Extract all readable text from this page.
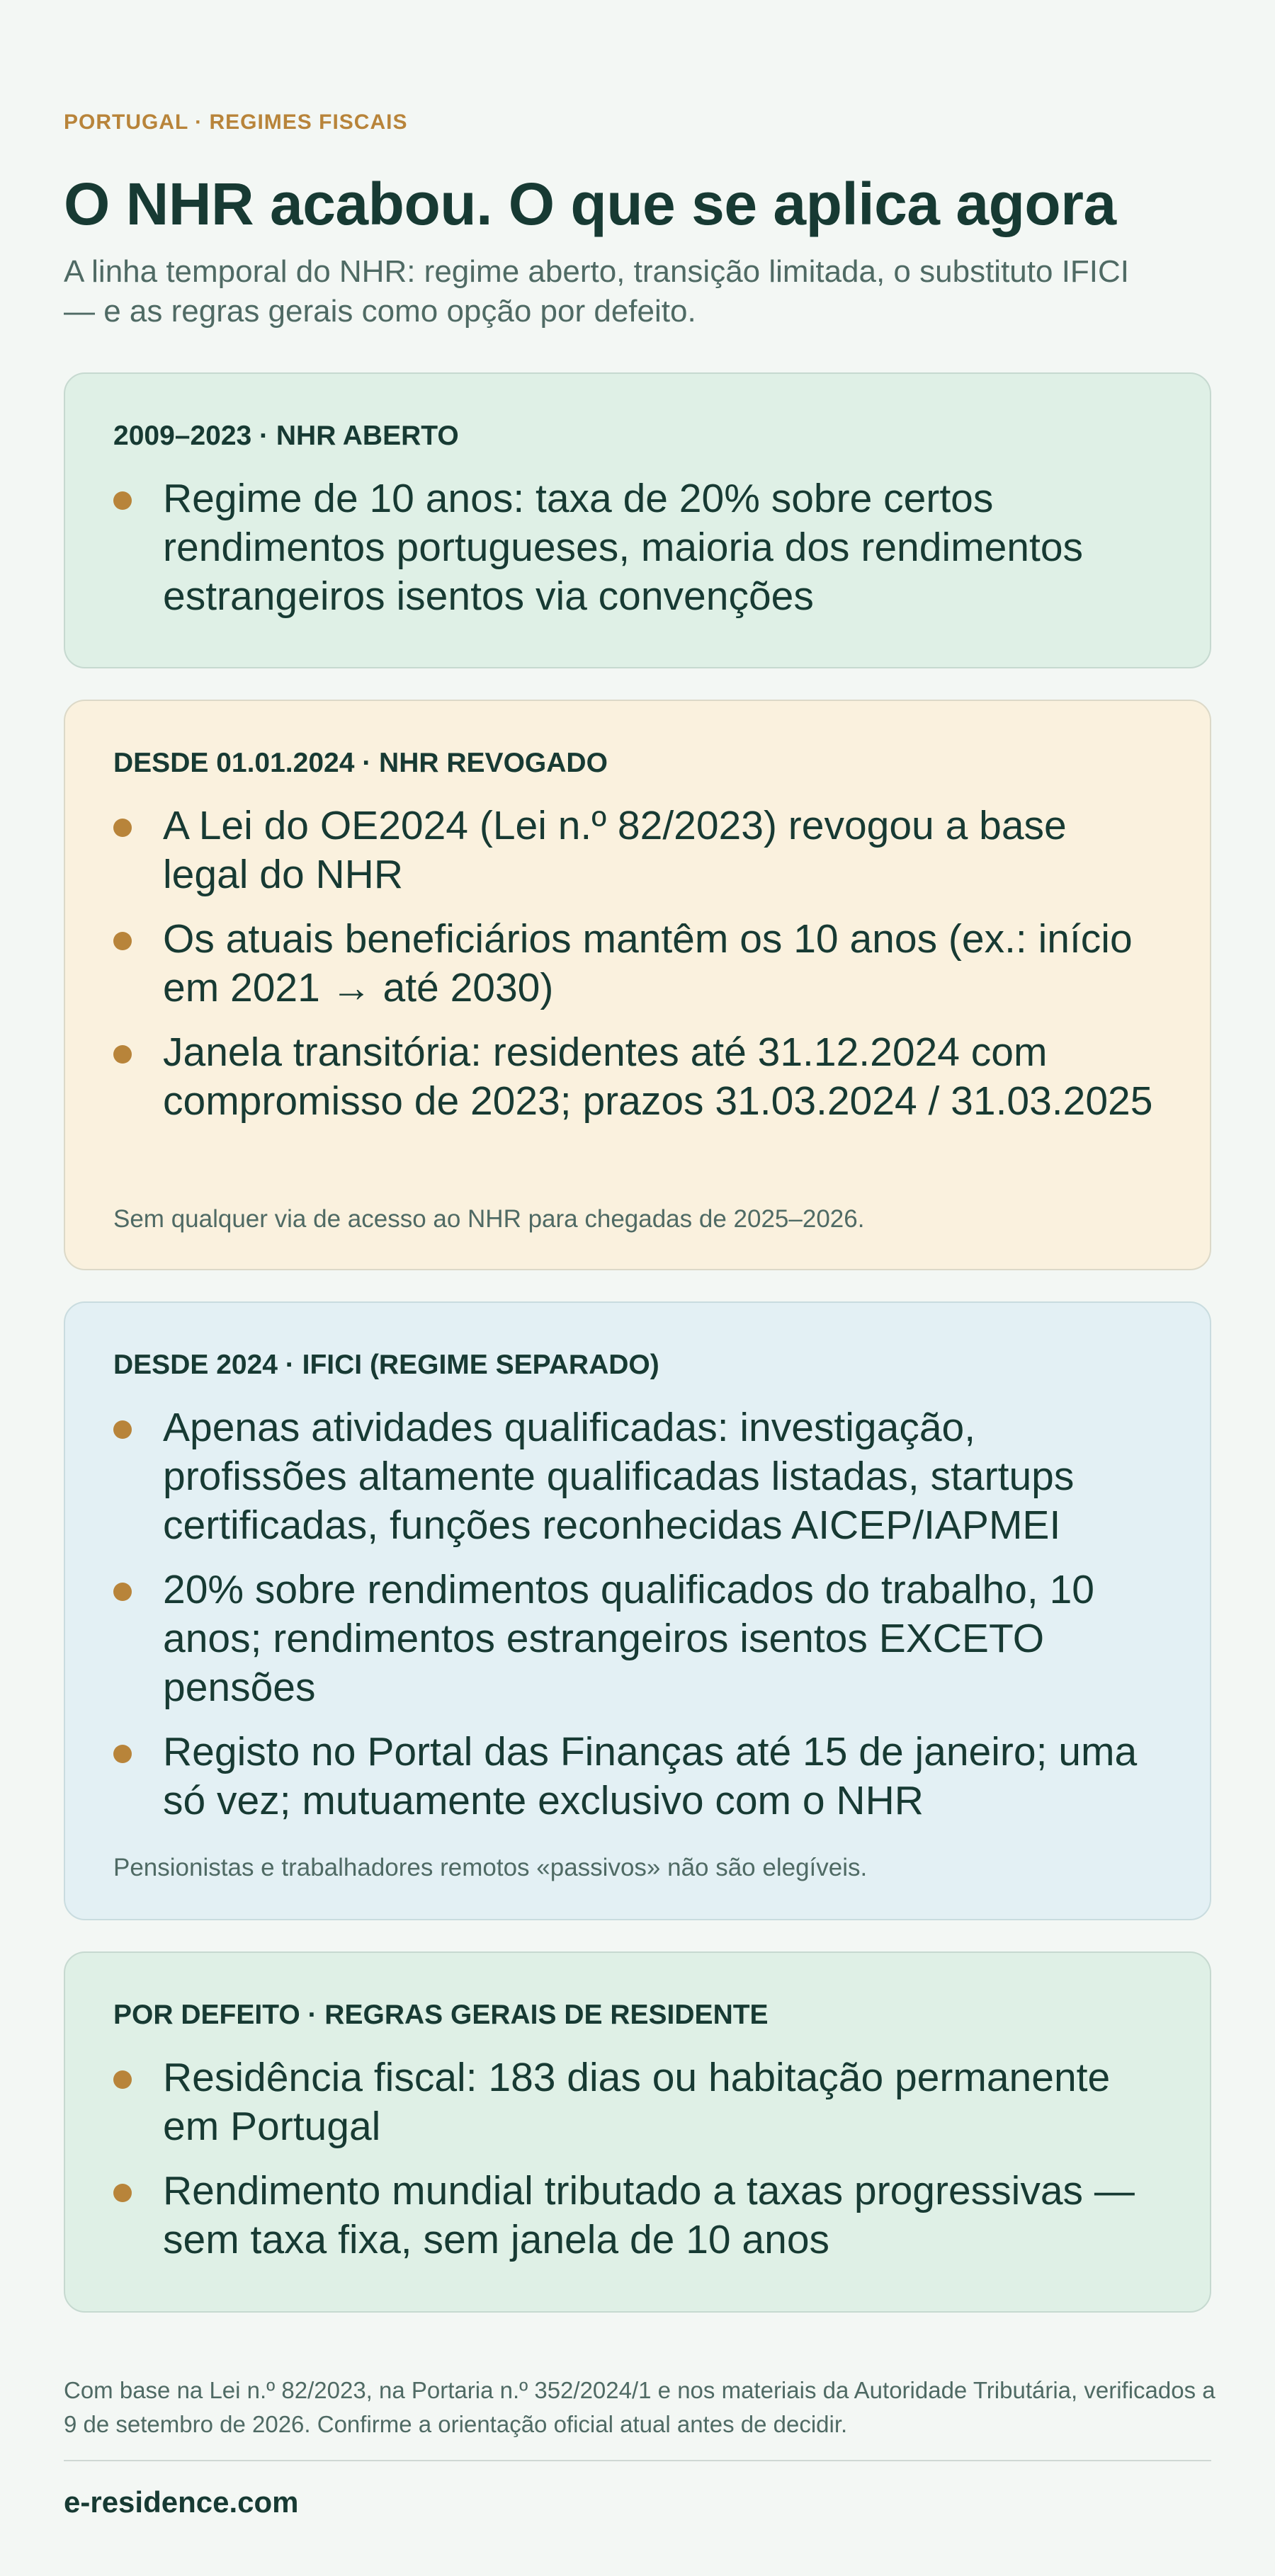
PORTUGAL · REGIMES FISCAIS
O NHR acabou. O que se aplica agora

A linha temporal do NHR: regime aberto, transição limitada, o substituto IFICI — e as regras gerais como opção por defeito.

2009–2023 · NHR ABERTO
Regime de 10 anos: taxa de 20% sobre certos rendimentos portugueses, maioria dos rendimentos estrangeiros isentos via convenções
DESDE 01.01.2024 · NHR REVOGADO
A Lei do OE2024 (Lei n.º 82/2023) revogou a base legal do NHR
Os atuais beneficiários mantêm os 10 anos (ex.: início em 2021 → até 2030)
Janela transitória: residentes até 31.12.2024 com compromisso de 2023; prazos 31.03.2024 / 31.03.2025
Sem qualquer via de acesso ao NHR para chegadas de 2025–2026.
DESDE 2024 · IFICI (REGIME SEPARADO)
Apenas atividades qualificadas: investigação, profissões altamente qualificadas listadas, startups certificadas, funções reconhecidas AICEP/IAPMEI
20% sobre rendimentos qualificados do trabalho, 10 anos; rendimentos estrangeiros isentos EXCETO pensões
Registo no Portal das Finanças até 15 de janeiro; uma só vez; mutuamente exclusivo com o NHR
Pensionistas e trabalhadores remotos «passivos» não são elegíveis.
POR DEFEITO · REGRAS GERAIS DE RESIDENTE
Residência fiscal: 183 dias ou habitação permanente em Portugal
Rendimento mundial tributado a taxas progressivas — sem taxa fixa, sem janela de 10 anos

Com base na Lei n.º 82/2023, na Portaria n.º 352/2024/1 e nos materiais da Autoridade Tributária, verificados a 9 de setembro de 2026. Confirme a orientação oficial atual antes de decidir.

e-residence.com
